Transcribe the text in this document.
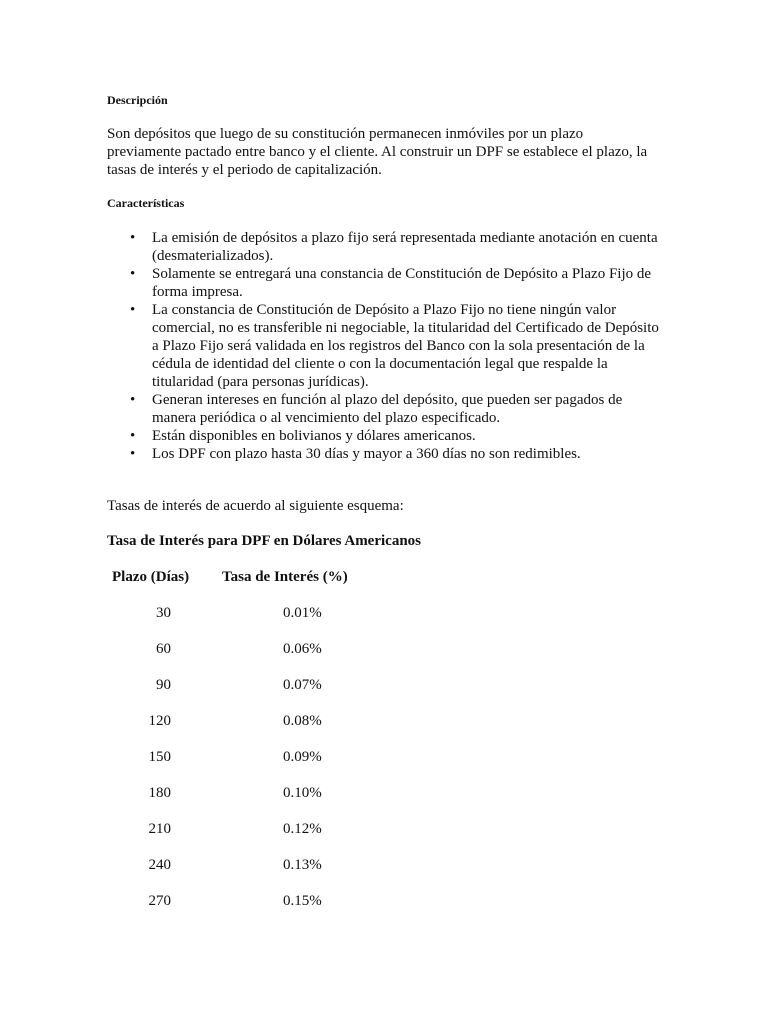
Descripción

Son depósitos que luego de su constitución permanecen inmóviles por un plazo
previamente pactado entre banco y el cliente. Al construir un DPF se establece el plazo, la
tasas de interés y el periodo de capitalización.

Características

• La emisión de depósitos a plazo fijo será representada mediante anotación en cuenta
(desmaterializados).
• Solamente se entregará una constancia de Constitución de Depósito a Plazo Fijo de
forma impresa.
• La constancia de Constitución de Depósito a Plazo Fijo no tiene ningún valor
comercial, no es transferible ni negociable, la titularidad del Certificado de Depósito
a Plazo Fijo será validada en los registros del Banco con la sola presentación de la
cédula de identidad del cliente o con la documentación legal que respalde la
titularidad (para personas jurídicas).
• Generan intereses en función al plazo del depósito, que pueden ser pagados de
manera periódica o al vencimiento del plazo especificado.
• Están disponibles en bolivianos y dólares americanos.
• Los DPF con plazo hasta 30 días y mayor a 360 días no son redimibles.

Tasas de interés de acuerdo al siguiente esquema:

Tasa de Interés para DPF en Dólares Americanos

Plazo (Días) Tasa de Interés (%)

30	0.01%
60	0.06%
90	0.07%
120	0.08%
150	0.09%
180	0.10%
210	0.12%
240	0.13%
270	0.15%
